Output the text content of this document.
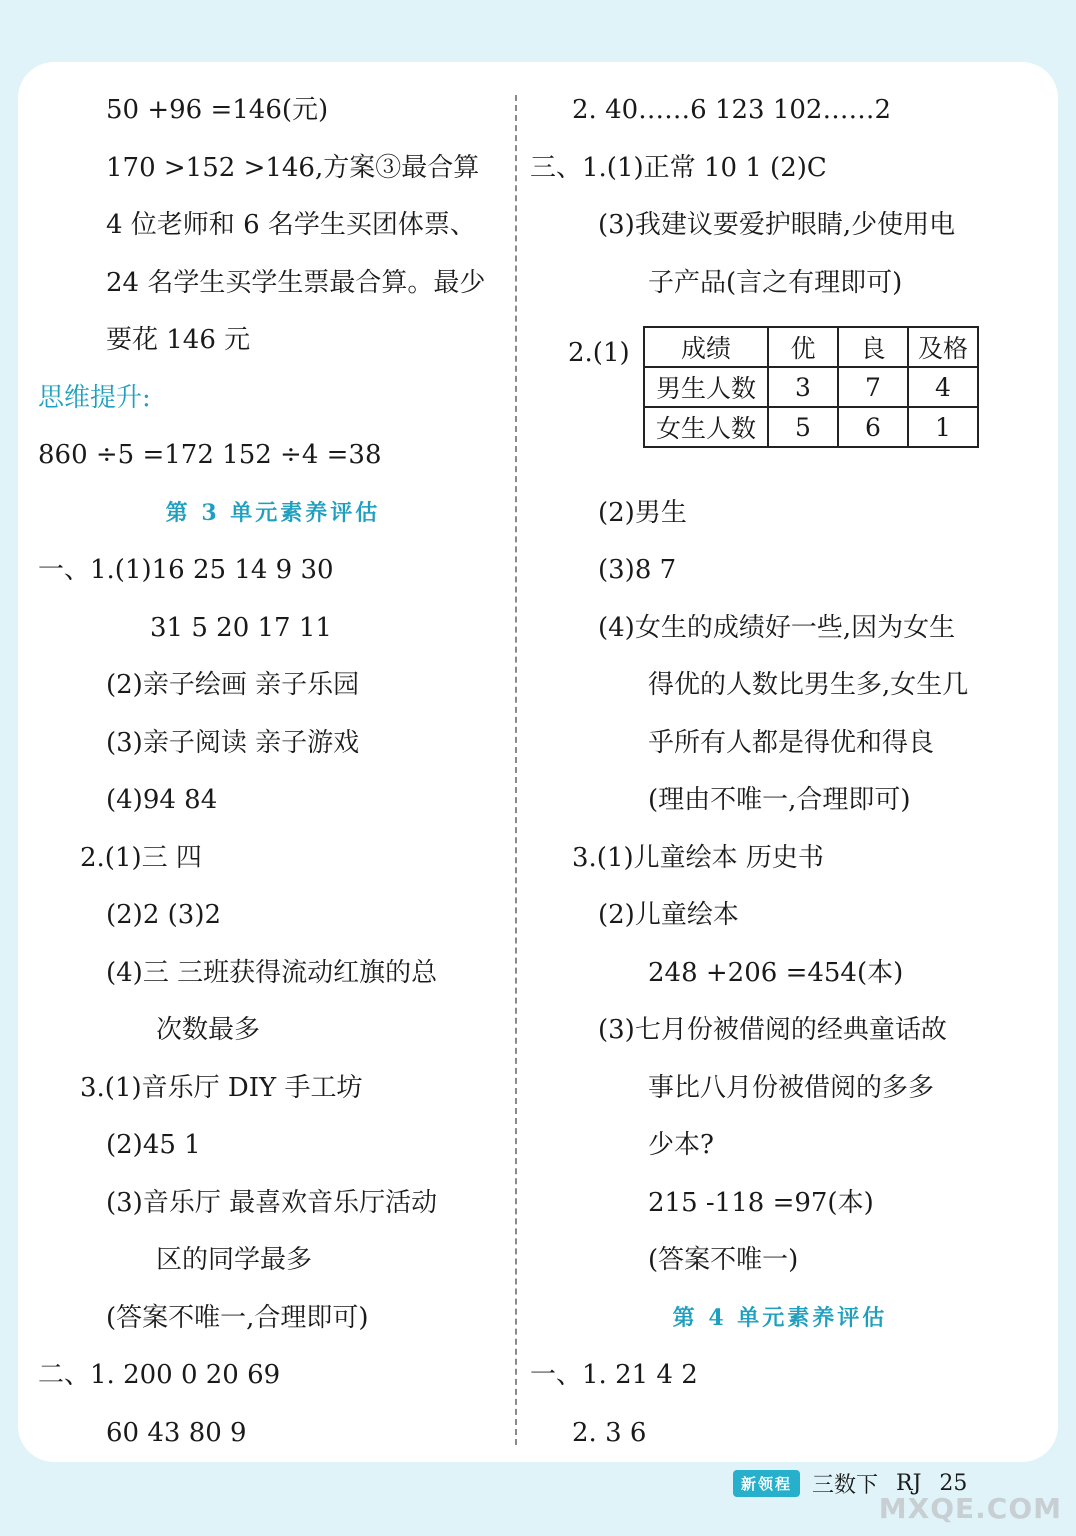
50 +96 =146(元)
170 >152 >146,方案③最合算
4 位老师和 6 名学生买团体票、
24 名学生买学生票最合算。最少
要花 146 元
思维提升:
860 ÷5 =172 152 ÷4 =38
第 3 单元素养评估
一、1.(1)16 25 14 9 30
31 5 20 17 11
(2)亲子绘画 亲子乐园
(3)亲子阅读 亲子游戏
(4)94 84
2.(1)三 四
(2)2 (3)2
(4)三 三班获得流动红旗的总
次数最多
3.(1)音乐厅 DIY 手工坊
(2)45 1
(3)音乐厅 最喜欢音乐厅活动
区的同学最多
(答案不唯一,合理即可)
二、1. 200 0 20 69
60 43 80 9
2. 40……6 123 102……2
三、1.(1)正常 10 1 (2)C
(3)我建议要爱护眼睛,少使用电
子产品(言之有理即可)
(2)男生
(3)8 7
(4)女生的成绩好一些,因为女生
得优的人数比男生多,女生几
乎所有人都是得优和得良
(理由不唯一,合理即可)
3.(1)儿童绘本 历史书
(2)儿童绘本
248 +206 =454(本)
(3)七月份被借阅的经典童话故
事比八月份被借阅的多多
少本?
215 -118 =97(本)
(答案不唯一)
第 4 单元素养评估
一、1. 21 4 2
2. 3 6
2.(1) 成绩	优	良	及格
男生人数	3	7	4
女生人数	5	6	1
新领程 三数下 RJ 25
MXQE.COM
